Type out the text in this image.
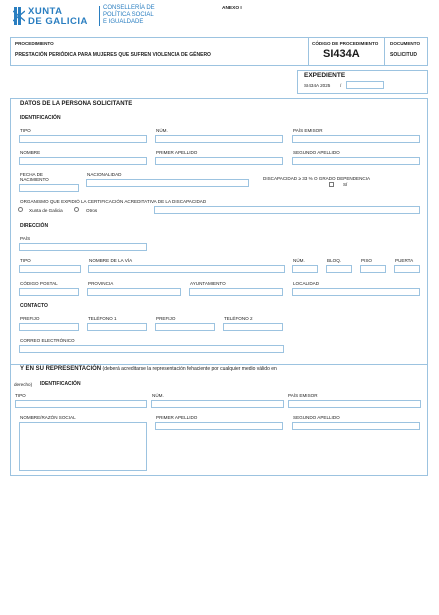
XUNTA
DE GALICIA
CONSELLERÍA DE
POLÍTICA SOCIAL
E IGUALDADE
ANEXO I
PROCEDIMIENTO
PRESTACIÓN PERIÓDICA PARA MUJERES QUE SUFREN VIOLENCIA DE GÉNERO
CÓDIGO DE PROCEDIMIENTO
SI434A
DOCUMENTO
SOLICITUD
EXPEDIENTE
SI434A 2025 /
DATOS DE LA PERSONA SOLICITANTE
IDENTIFICACIÓN
TIPO	NÚM.	PAÍS EMISOR
NOMBRE	PRIMER APELLIDO	SEGUNDO APELLIDO
FECHA DE
NACIMIENTO
NACIONALIDAD
DISCAPACIDAD ≥ 33 % O GRADO DEPENDENCIA
SÍ
ORGANISMO QUE EXPIDIÓ LA CERTIFICACIÓN ACREDITATIVA DE LA DISCAPACIDAD
Xunta de Galicia	Otros
DIRECCIÓN
PAÍS
TIPO	NOMBRE DE LA VÍA	NÚM.	BLOQ.	PISO	PUERTA
CÓDIGO POSTAL	PROVINCIA	AYUNTAMIENTO	LOCALIDAD
CONTACTO
PREFIJO	TELÉFONO 1	PREFIJO	TELÉFONO 2
CORREO ELECTRÓNICO
Y EN SU REPRESENTACIÓN (deberá acreditarse la representación fehaciente por cualquier medio válido en
derecho) IDENTIFICACIÓN
TIPO	NÚM.	PAÍS EMISOR
NOMBRE/RAZÓN SOCIAL	PRIMER APELLIDO	SEGUNDO APELLIDO
